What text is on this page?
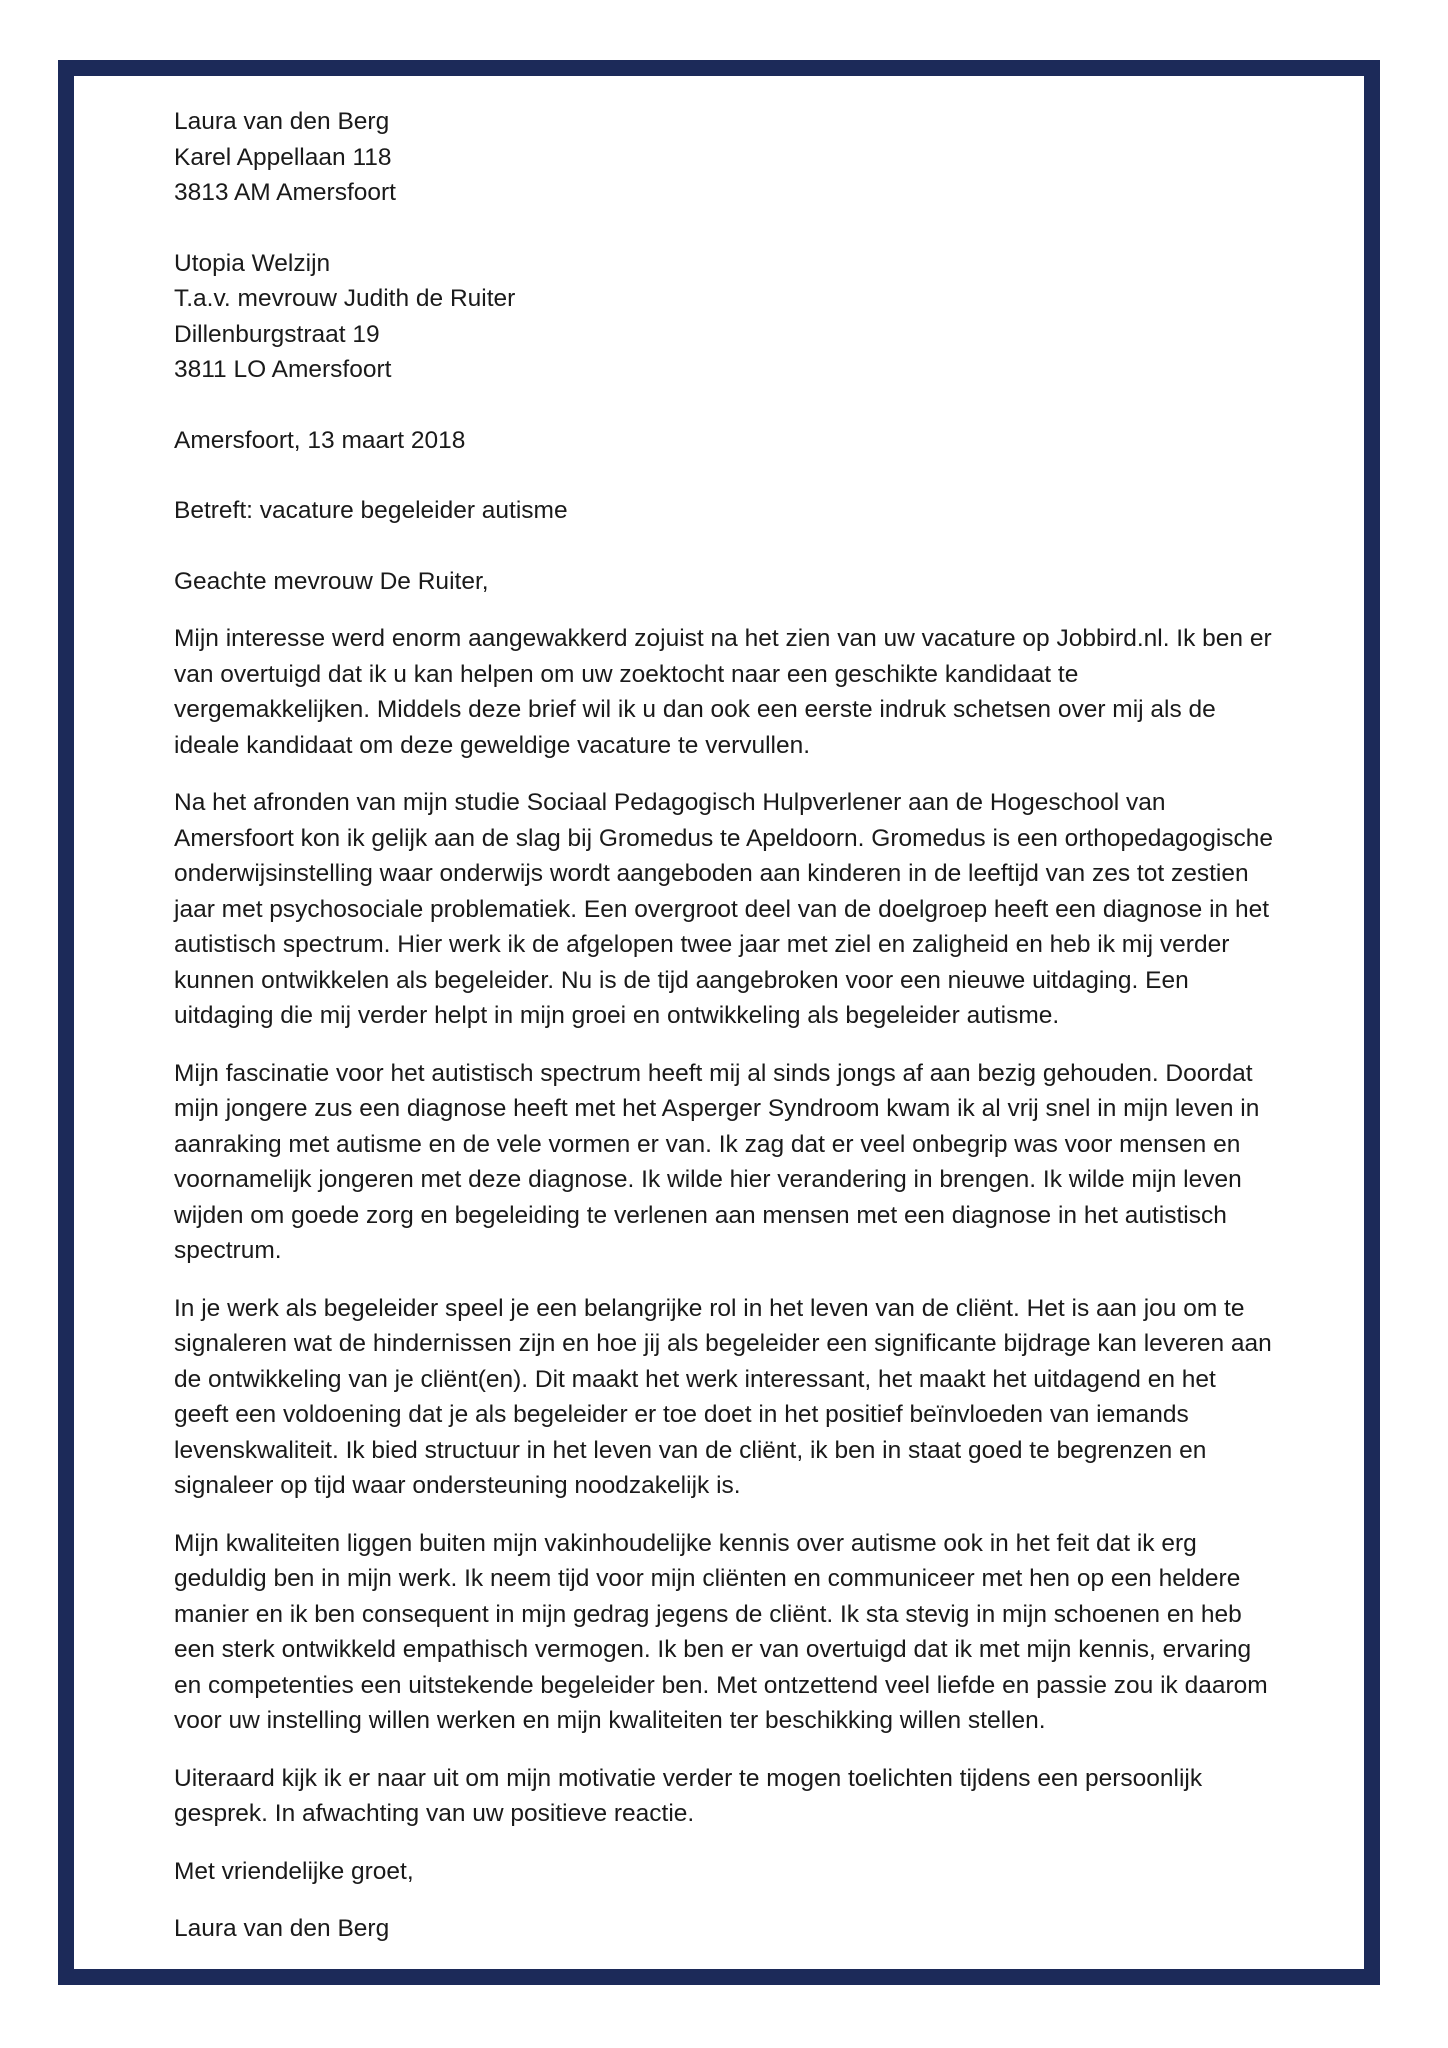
Laura van den Berg
Karel Appellaan 118
3813 AM Amersfoort
Utopia Welzijn
T.a.v. mevrouw Judith de Ruiter
Dillenburgstraat 19
3811 LO Amersfoort
Amersfoort, 13 maart 2018
Betreft: vacature begeleider autisme
Geachte mevrouw De Ruiter,

Mijn interesse werd enorm aangewakkerd zojuist na het zien van uw vacature op Jobbird.nl. Ik ben er
van overtuigd dat ik u kan helpen om uw zoektocht naar een geschikte kandidaat te
vergemakkelijken. Middels deze brief wil ik u dan ook een eerste indruk schetsen over mij als de
ideale kandidaat om deze geweldige vacature te vervullen.

Na het afronden van mijn studie Sociaal Pedagogisch Hulpverlener aan de Hogeschool van
Amersfoort kon ik gelijk aan de slag bij Gromedus te Apeldoorn. Gromedus is een orthopedagogische
onderwijsinstelling waar onderwijs wordt aangeboden aan kinderen in de leeftijd van zes tot zestien
jaar met psychosociale problematiek. Een overgroot deel van de doelgroep heeft een diagnose in het
autistisch spectrum. Hier werk ik de afgelopen twee jaar met ziel en zaligheid en heb ik mij verder
kunnen ontwikkelen als begeleider. Nu is de tijd aangebroken voor een nieuwe uitdaging. Een
uitdaging die mij verder helpt in mijn groei en ontwikkeling als begeleider autisme.

Mijn fascinatie voor het autistisch spectrum heeft mij al sinds jongs af aan bezig gehouden. Doordat
mijn jongere zus een diagnose heeft met het Asperger Syndroom kwam ik al vrij snel in mijn leven in
aanraking met autisme en de vele vormen er van. Ik zag dat er veel onbegrip was voor mensen en
voornamelijk jongeren met deze diagnose. Ik wilde hier verandering in brengen. Ik wilde mijn leven
wijden om goede zorg en begeleiding te verlenen aan mensen met een diagnose in het autistisch
spectrum.

In je werk als begeleider speel je een belangrijke rol in het leven van de cliënt. Het is aan jou om te
signaleren wat de hindernissen zijn en hoe jij als begeleider een significante bijdrage kan leveren aan
de ontwikkeling van je cliënt(en). Dit maakt het werk interessant, het maakt het uitdagend en het
geeft een voldoening dat je als begeleider er toe doet in het positief beïnvloeden van iemands
levenskwaliteit. Ik bied structuur in het leven van de cliënt, ik ben in staat goed te begrenzen en
signaleer op tijd waar ondersteuning noodzakelijk is.

Mijn kwaliteiten liggen buiten mijn vakinhoudelijke kennis over autisme ook in het feit dat ik erg
geduldig ben in mijn werk. Ik neem tijd voor mijn cliënten en communiceer met hen op een heldere
manier en ik ben consequent in mijn gedrag jegens de cliënt. Ik sta stevig in mijn schoenen en heb
een sterk ontwikkeld empathisch vermogen. Ik ben er van overtuigd dat ik met mijn kennis, ervaring
en competenties een uitstekende begeleider ben. Met ontzettend veel liefde en passie zou ik daarom
voor uw instelling willen werken en mijn kwaliteiten ter beschikking willen stellen.

Uiteraard kijk ik er naar uit om mijn motivatie verder te mogen toelichten tijdens een persoonlijk
gesprek. In afwachting van uw positieve reactie.

Met vriendelijke groet,

Laura van den Berg
